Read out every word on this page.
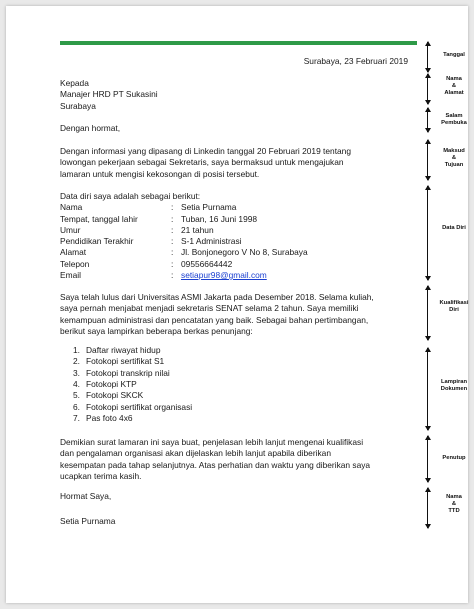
Surabaya, 23 Februari 2019

Kepada

Manajer HRD PT Sukasini

Surabaya

Dengan hormat,

Dengan informasi yang dipasang di Linkedin tanggal 20 Februari 2019 tentang

lowongan pekerjaan sebagai Sekretaris, saya bermaksud untuk mengajukan

lamaran untuk mengisi kekosongan di posisi tersebut.

Data diri saya adalah sebagai berikut:

Nama	: Setia Purnama
Tempat, tanggal lahir	: Tuban, 16 Juni 1998
Umur	: 21 tahun
Pendidikan Terakhir	: S-1 Administrasi
Alamat	: Jl. Bonjonegoro V No 8, Surabaya
Telepon	: 09556664442
Email	: setiapur98@gmail.com

Saya telah lulus dari Universitas ASMI Jakarta pada Desember 2018. Selama kuliah,

saya pernah menjabat menjadi sekretaris SENAT selama 2 tahun. Saya memiliki

kemampuan administrasi dan pencatatan yang baik. Sebagai bahan pertimbangan,

berikut saya lampirkan beberapa berkas penunjang:

1. Daftar riwayat hidup
2. Fotokopi sertifikat S1
3. Fotokopi transkrip nilai
4. Fotokopi KTP
5. Fotokopi SKCK
6. Fotokopi sertifikat organisasi
7. Pas foto 4x6

Demikian surat lamaran ini saya buat, penjelasan lebih lanjut mengenai kualifikasi

dan pengalaman organisasi akan dijelaskan lebih lanjut apabila diberikan

kesempatan pada tahap selanjutnya. Atas perhatian dan waktu yang diberikan saya

ucapkan terima kasih.

Hormat Saya,

Setia Purnama

Tanggal
Nama
&
Alamat
Salam
Pembuka
Maksud
&
Tujuan
Data Diri
Kualifikasi
Diri
Lampiran
Dokumen
Penutup
Nama
&
TTD
